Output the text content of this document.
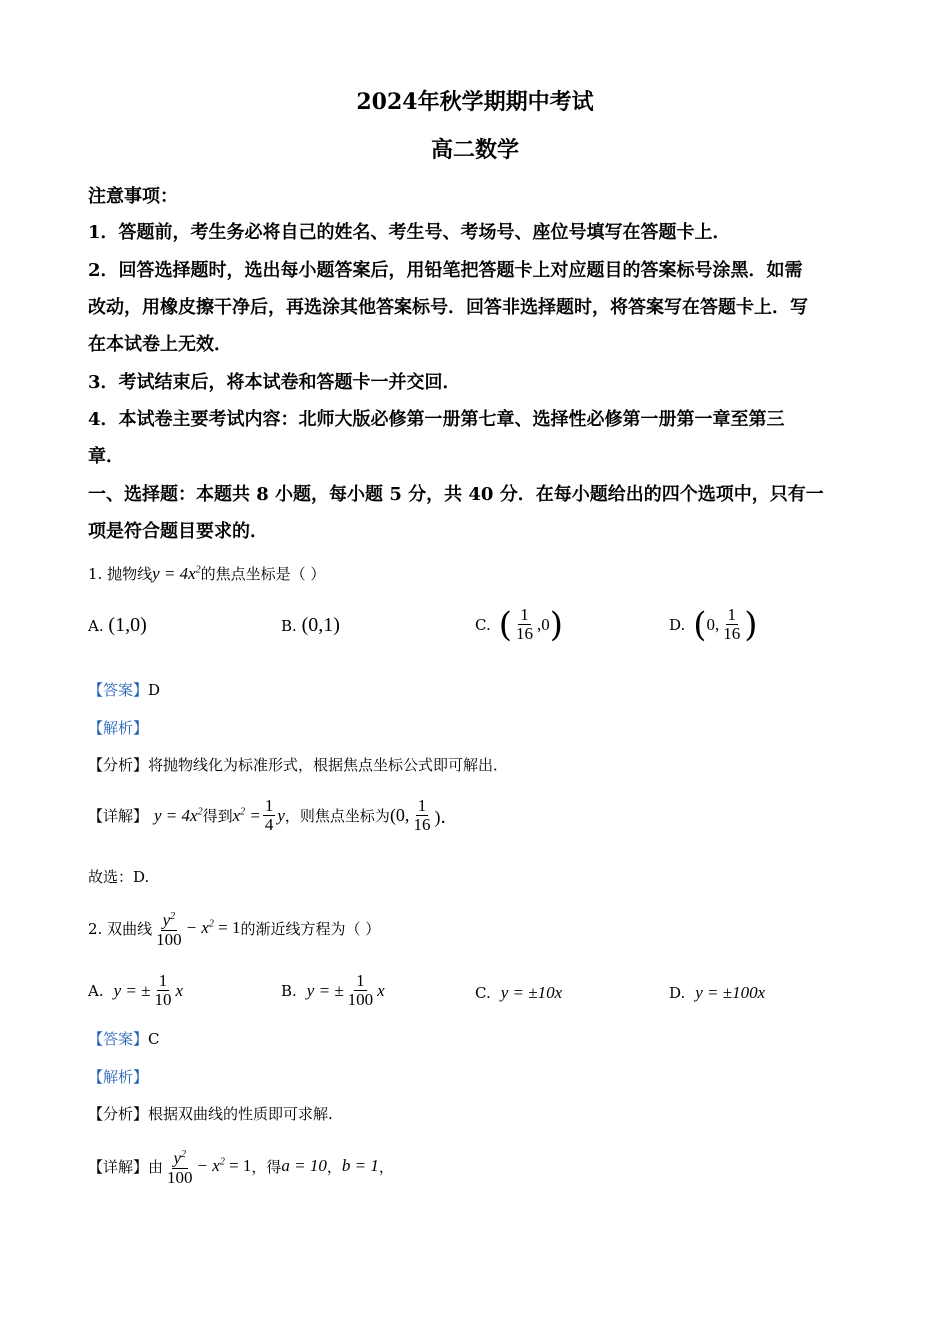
2024年秋学期期中考试
高二数学
注意事项：
1．答题前，考生务必将自己的姓名、考生号、考场号、座位号填写在答题卡上．
2．回答选择题时，选出每小题答案后，用铅笔把答题卡上对应题目的答案标号涂黑．如需
改动，用橡皮擦干净后，再选涂其他答案标号．回答非选择题时，将答案写在答题卡上．写
在本试卷上无效．
3．考试结束后，将本试卷和答题卡一并交回．
4．本试卷主要考试内容：北师大版必修第一册第七章、选择性必修第一册第一章至第三
章．
一、选择题：本题共 8 小题，每小题 5 分，共 40 分．在每小题给出的四个选项中，只有一
项是符合题目要求的．
1. 抛物线$y = 4x^2$的焦点坐标是（ ）
A. (1,0)	B. (0,1)	C. ( $\frac{1}{16} ,0$ )	D. ( 0, $\frac{1}{16}$ )
【答案】D
【解析】
【分析】将抛物线化为标准形式，根据焦点坐标公式即可解出．
【详解】 $y = 4x^2$ 得到 $x^2 = \frac{1}{4}$ y ，则焦点坐标为 (0, $\frac{1}{16}$ )．
故选：D.
2. 双曲线 $\frac{y^2}{100} - x^2 = 1$ 的渐近线方程为（ ）
A. y = ± $\frac{1}{10}$ x	B. y = ± $\frac{1}{100}$ x	C. y = ±10x	D. y = ±100x
【答案】C
【解析】
【分析】根据双曲线的性质即可求解.
【详解】 由 $\frac{y^2}{100} - x^2 = 1$ ，得 a = 10 ， b = 1 ，
